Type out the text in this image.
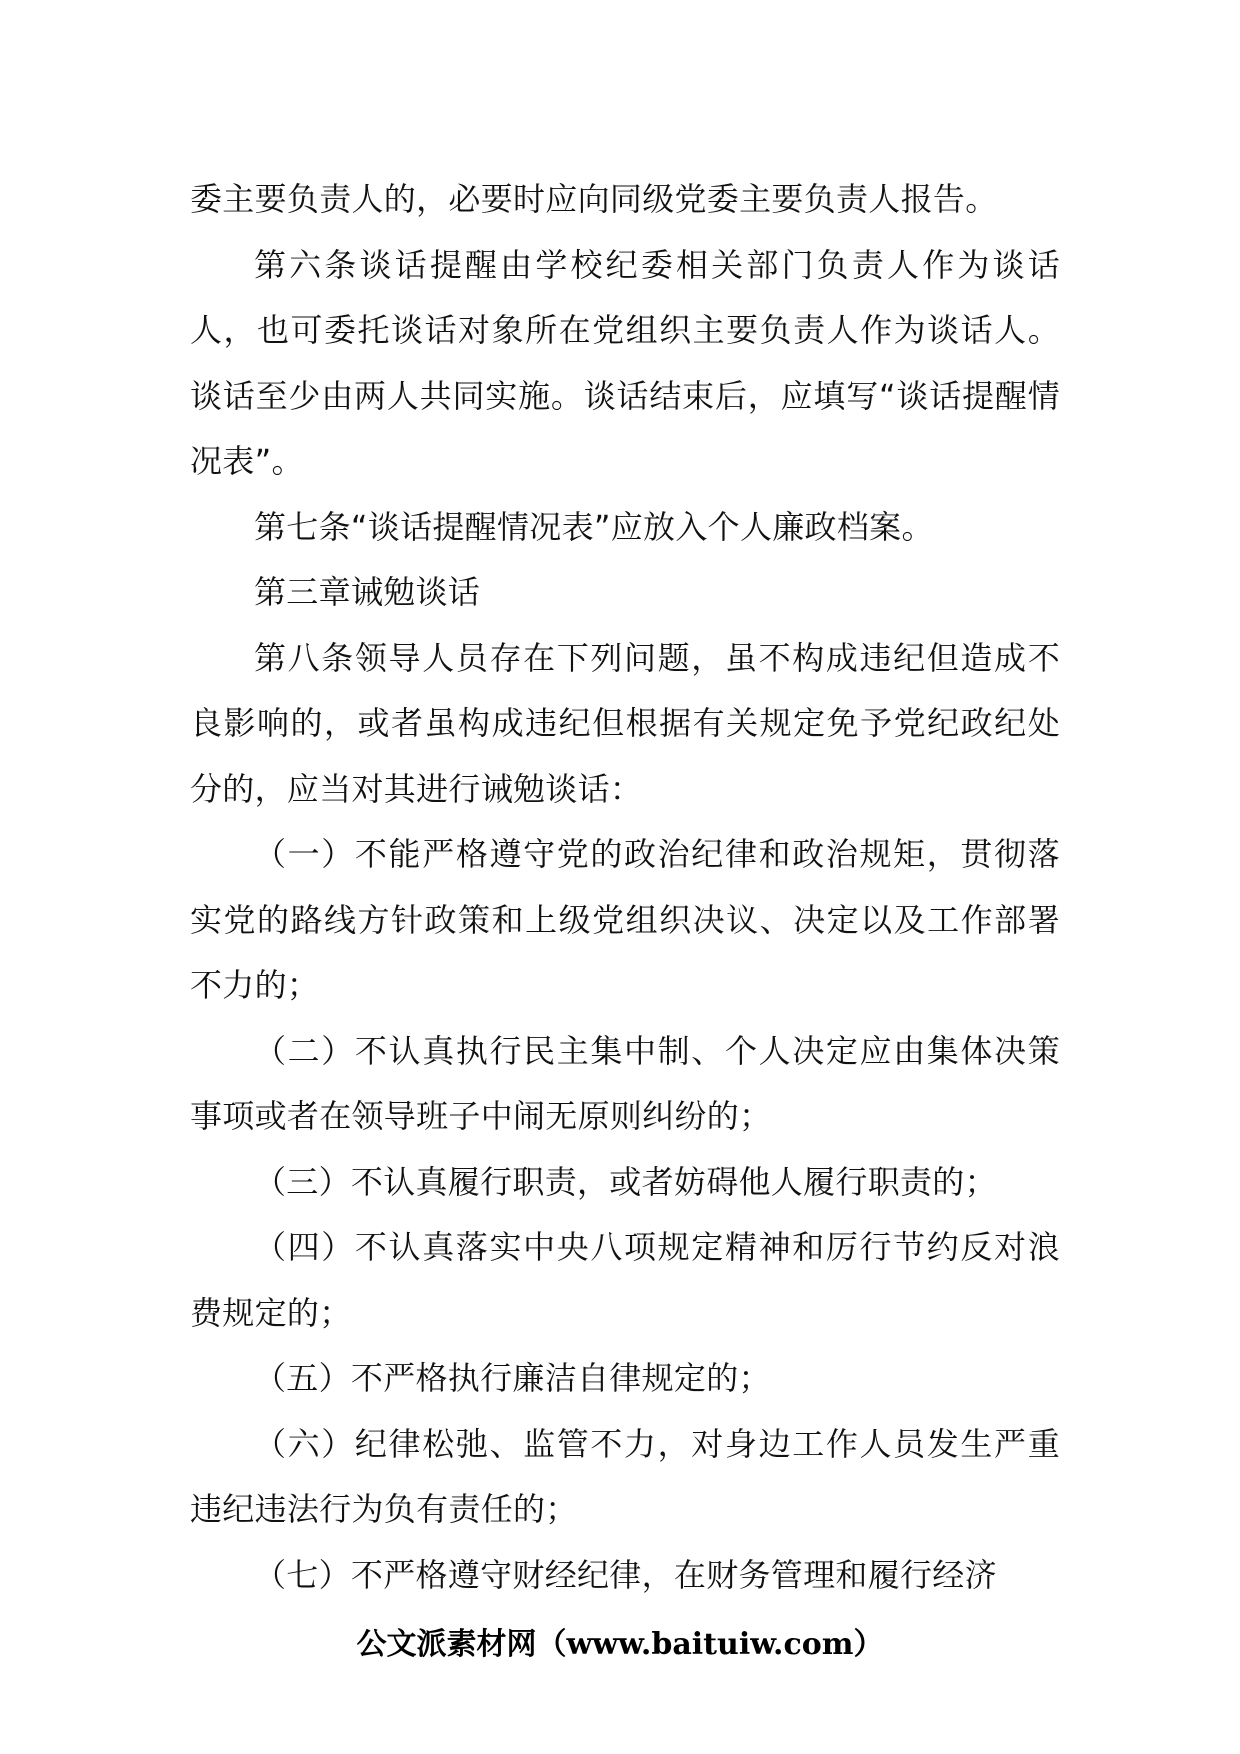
委主要负责人的，必要时应向同级党委主要负责人报告。

第六条谈话提醒由学校纪委相关部门负责人作为谈话人，也可委托谈话对象所在党组织主要负责人作为谈话人。谈话至少由两人共同实施。谈话结束后，应填写“谈话提醒情况表”。

第七条“谈话提醒情况表”应放入个人廉政档案。

第三章诫勉谈话

第八条领导人员存在下列问题，虽不构成违纪但造成不良影响的，或者虽构成违纪但根据有关规定免予党纪政纪处分的，应当对其进行诫勉谈话：

（一）不能严格遵守党的政治纪律和政治规矩，贯彻落实党的路线方针政策和上级党组织决议、决定以及工作部署不力的；

（二）不认真执行民主集中制、个人决定应由集体决策事项或者在领导班子中闹无原则纠纷的；

（三）不认真履行职责，或者妨碍他人履行职责的；

（四）不认真落实中央八项规定精神和厉行节约反对浪费规定的；

（五）不严格执行廉洁自律规定的；

（六）纪律松弛、监管不力，对身边工作人员发生严重违纪违法行为负有责任的；

（七）不严格遵守财经纪律，在财务管理和履行经济

公文派素材网（www.baituiw.com）
